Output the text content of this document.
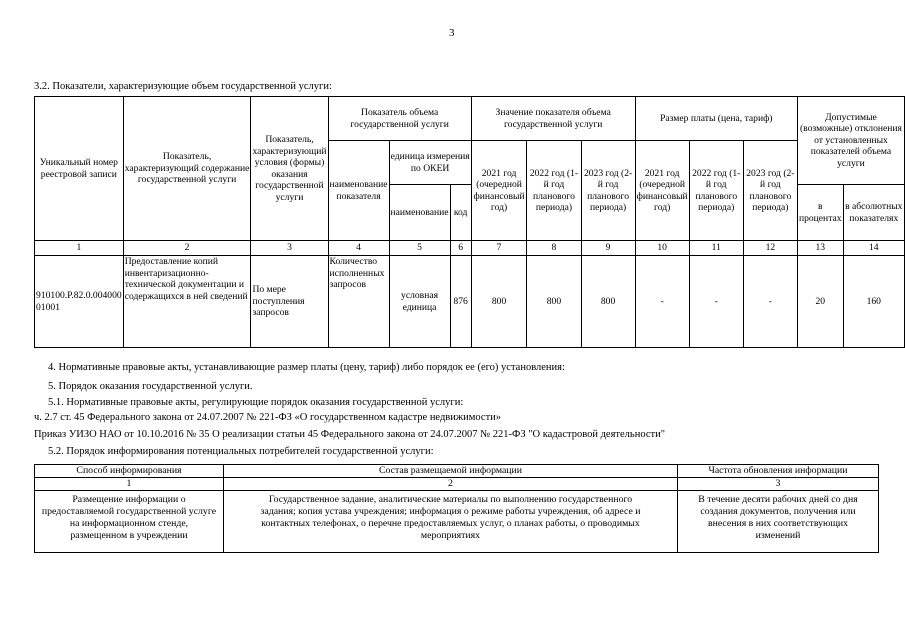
3
3.2. Показатели, характеризующие объем государственной услуги:
Уникальный номер реестровой записи	Показатель, характеризующий содержание государственной услуги	Показатель, характеризующий условия (формы) оказания государственной услуги	Показатель объема государственной услуги			Значение показателя объема государственной услуги			Размер платы (цена, тариф)			Допустимые (возможные) отклонения от установленных показателей объема услуги	
			наименование показателя	единица измерения по ОКЕИ		2021 год (очередной финансовый год)	2022 год (1-й год планового периода)	2023 год (2-й год планового периода)	2021 год (очередной финансовый год)	2022 год (1-й год планового периода)	2023 год (2-й год планового периода)		
				наименование	код							в процентах	в абсолютных показателях
1	2	3	4	5	6	7	8	9	10	11	12	13	14
910100.Р.82.0.004000 01001	Предоставление копий инвентаризационно-технической документации и содержащихся в ней сведений	По мере поступления запросов	Количество исполненных запросов	условная единица	876	800	800	800	-	-	-	20	160
4. Нормативные правовые акты, устанавливающие размер платы (цену, тариф) либо порядок ее (его) установления:
5. Порядок оказания государственной услуги.
5.1. Нормативные правовые акты, регулирующие порядок оказания государственной услуги:
ч. 2.7 ст. 45 Федерального закона от 24.07.2007 № 221-ФЗ «О государственном кадастре недвижимости»
Приказ УИЗО НАО от 10.10.2016 № 35 О реализации статьи 45 Федерального закона от 24.07.2007 № 221-ФЗ "О кадастровой деятельности"
5.2. Порядок информирования потенциальных потребителей государственной услуги:
Способ информирования	Состав размещаемой информации	Частота обновления информации
1	2	3
Размещение информации о предоставляемой государственной услуге на информационном стенде, размещенном в учреждении	Государственное задание, аналитические материалы по выполнению государственного задания; копия устава учреждения; информация о режиме работы учреждения, об адресе и контактных телефонах, о перечне предоставляемых услуг, о планах работы, о проводимых мероприятиях	В течение десяти рабочих дней со дня создания документов, получения или внесения в них соответствующих изменений
